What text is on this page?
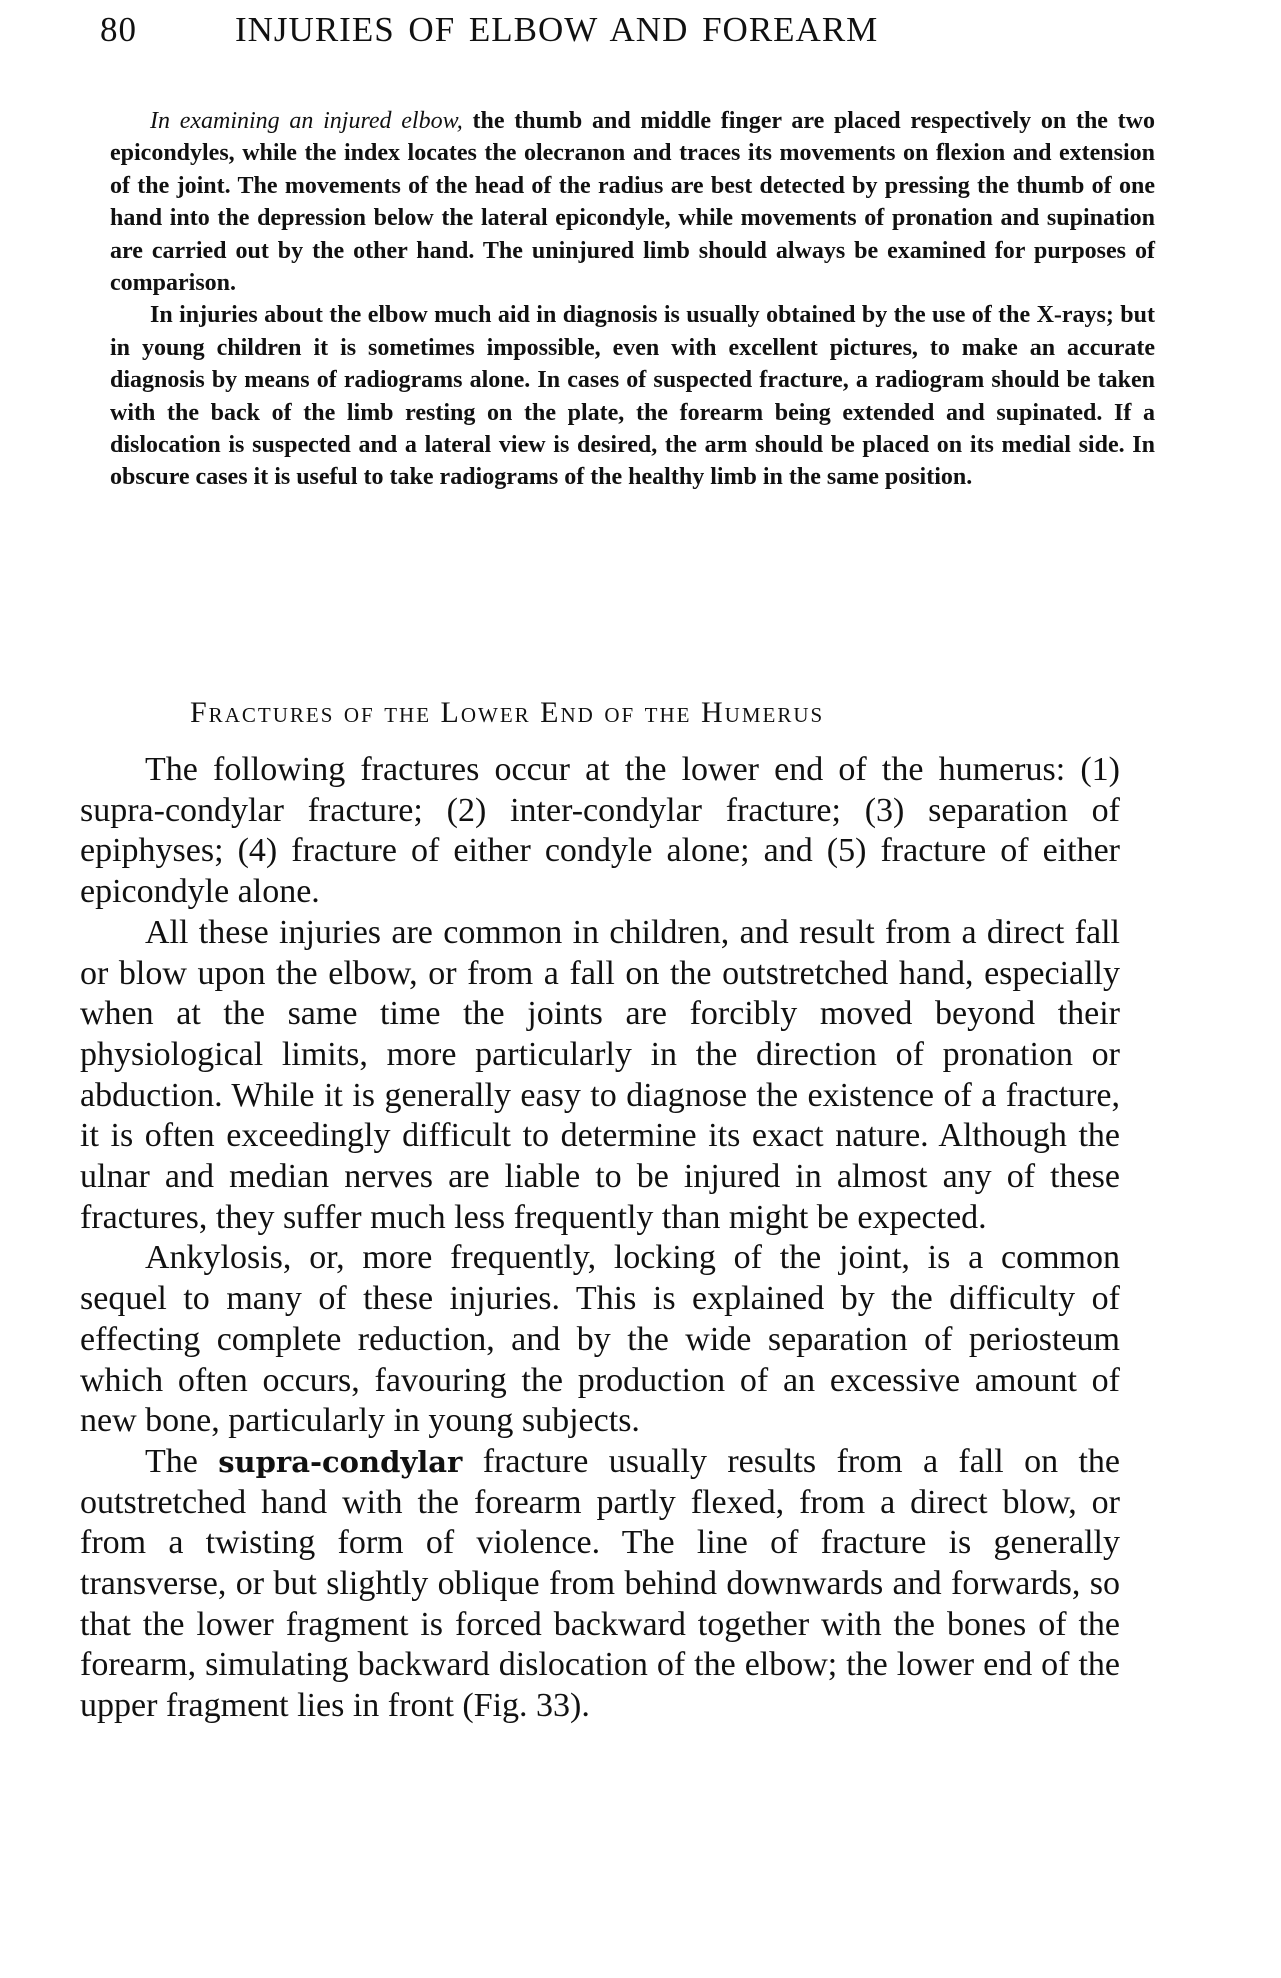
80	INJURIES OF ELBOW AND FOREARM

In examining an injured elbow, the thumb and middle finger are placed respectively on the two epicondyles, while the index locates the olecranon and traces its movements on flexion and extension of the joint. The movements of the head of the radius are best detected by pressing the thumb of one hand into the depression below the lateral epicondyle, while movements of pronation and supination are carried out by the other hand. The uninjured limb should always be examined for purposes of comparison.

In injuries about the elbow much aid in diagnosis is usually obtained by the use of the X-rays; but in young children it is sometimes impossible, even with excellent pictures, to make an accurate diagnosis by means of radiograms alone. In cases of suspected fracture, a radiogram should be taken with the back of the limb resting on the plate, the forearm being extended and supinated. If a dislocation is suspected and a lateral view is desired, the arm should be placed on its medial side. In obscure cases it is useful to take radiograms of the healthy limb in the same position.

Fractures of the Lower End of the Humerus

The following fractures occur at the lower end of the humerus: (1) supra-condylar fracture; (2) inter-condylar fracture; (3) separation of epiphyses; (4) fracture of either condyle alone; and (5) fracture of either epicondyle alone.

All these injuries are common in children, and result from a direct fall or blow upon the elbow, or from a fall on the outstretched hand, especially when at the same time the joints are forcibly moved beyond their physiological limits, more particularly in the direction of pronation or abduction. While it is generally easy to diagnose the existence of a fracture, it is often exceedingly difficult to determine its exact nature. Although the ulnar and median nerves are liable to be injured in almost any of these fractures, they suffer much less frequently than might be expected.

Ankylosis, or, more frequently, locking of the joint, is a common sequel to many of these injuries. This is explained by the difficulty of effecting complete reduction, and by the wide separation of periosteum which often occurs, favouring the production of an excessive amount of new bone, particularly in young subjects.

The supra-condylar fracture usually results from a fall on the outstretched hand with the forearm partly flexed, from a direct blow, or from a twisting form of violence. The line of fracture is generally transverse, or but slightly oblique from behind downwards and forwards, so that the lower fragment is forced backward together with the bones of the forearm, simulating backward dislocation of the elbow; the lower end of the upper fragment lies in front (Fig. 33).
